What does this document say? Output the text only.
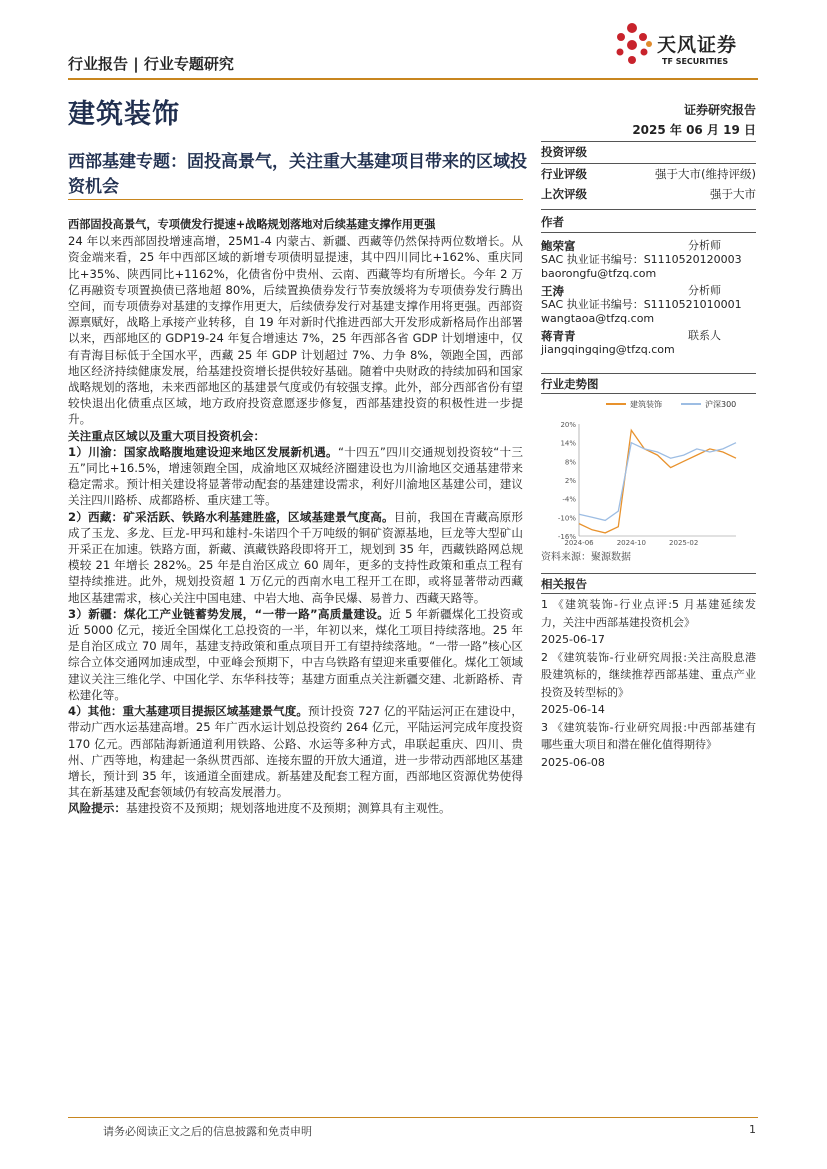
行业报告 | 行业专题研究
天风证券
TF SECURITIES
建筑装饰	证券研究报告
2025 年 06 月 19 日
西部基建专题：固投高景气，关注重大基建项目带来的区域投资机会

西部固投高景气，专项债发行提速+战略规划落地对后续基建支撑作用更强

24 年以来西部固投增速高增，25M1-4 内蒙古、新疆、西藏等仍然保持两位数增长。从资金端来看，25 年中西部区域的新增专项债明显提速，其中四川同比+162%、重庆同比+35%、陕西同比+1162%，化债省份中贵州、云南、西藏等均有所增长。今年 2 万亿再融资专项置换债已落地超 80%，后续置换债券发行节奏放缓将为专项债券发行腾出空间，而专项债券对基建的支撑作用更大，后续债券发行对基建支撑作用将更强。西部资源禀赋好，战略上承接产业转移，自 19 年对新时代推进西部大开发形成新格局作出部署以来，西部地区的 GDP19-24 年复合增速达 7%，25 年西部各省 GDP 计划增速中，仅有青海目标低于全国水平，西藏 25 年 GDP 计划超过 7%、力争 8%，领跑全国，西部地区经济持续健康发展，给基建投资增长提供较好基础。随着中央财政的持续加码和国家战略规划的落地，未来西部地区的基建景气度或仍有较强支撑。此外，部分西部省份有望较快退出化债重点区域，地方政府投资意愿逐步修复，西部基建投资的积极性进一步提升。

关注重点区域以及重大项目投资机会：

1）川渝：国家战略腹地建设迎来地区发展新机遇。“十四五”四川交通规划投资较“十三五”同比+16.5%，增速领跑全国，成渝地区双城经济圈建设也为川渝地区交通基建带来稳定需求。预计相关建设将显著带动配套的基建建设需求，利好川渝地区基建公司，建议关注四川路桥、成都路桥、重庆建工等。

2）西藏：矿采活跃、铁路水利基建胜盛，区域基建景气度高。目前，我国在青藏高原形成了玉龙、多龙、巨龙-甲玛和雄村-朱诺四个千万吨级的铜矿资源基地，巨龙等大型矿山开采正在加速。铁路方面，新藏、滇藏铁路段即将开工，规划到 35 年，西藏铁路网总规模较 21 年增长 282%。25 年是自治区成立 60 周年，更多的支持性政策和重点工程有望持续推进。此外，规划投资超 1 万亿元的西南水电工程开工在即，或将显著带动西藏地区基建需求，核心关注中国电建、中岩大地、高争民爆、易普力、西藏天路等。

3）新疆：煤化工产业链蓄势发展，“一带一路”高质量建设。近 5 年新疆煤化工投资或近 5000 亿元，接近全国煤化工总投资的一半，年初以来，煤化工项目持续落地。25 年是自治区成立 70 周年，基建支持政策和重点项目开工有望持续落地。“一带一路”核心区综合立体交通网加速成型，中亚峰会预期下，中吉乌铁路有望迎来重要催化。煤化工领域建议关注三维化学、中国化学、东华科技等；基建方面重点关注新疆交建、北新路桥、青松建化等。

4）其他：重大基建项目提振区域基建景气度。预计投资 727 亿的平陆运河正在建设中，带动广西水运基建高增。25 年广西水运计划总投资约 264 亿元，平陆运河完成年度投资 170 亿元。西部陆海新通道利用铁路、公路、水运等多种方式，串联起重庆、四川、贵州、广西等地，构建起一条纵贯西部、连接东盟的开放大通道，进一步带动西部地区基建增长，预计到 35 年，该通道全面建成。新基建及配套工程方面，西部地区资源优势使得其在新基建及配套领域仍有较高发展潜力。

风险提示：基建投资不及预期；规划落地进度不及预期；测算具有主观性。

投资评级
行业评级	强于大市(维持评级)
上次评级	强于大市
作者
鲍荣富	分析师
SAC 执业证书编号：S1110520120003
baorongfu@tfzq.com
王涛	分析师
SAC 执业证书编号：S1110521010001
wangtaoa@tfzq.com
蒋青青	联系人
jiangqingqing@tfzq.com
行业走势图
建筑装饰	沪深300
20%
14%
8%
2%
-4%
-10%
-16%
2024-06	2024-10	2025-02
资料来源：聚源数据
相关报告
1 《建筑装饰-行业点评:5 月基建延续发力，关注中西部基建投资机会》
2025-06-17
2 《建筑装饰-行业研究周报:关注高股息港股建筑标的，继续推荐西部基建、重点产业投资及转型标的》
2025-06-14
3 《建筑装饰-行业研究周报:中西部基建有哪些重大项目和潜在催化值得期待》
2025-06-08
请务必阅读正文之后的信息披露和免责申明	1
